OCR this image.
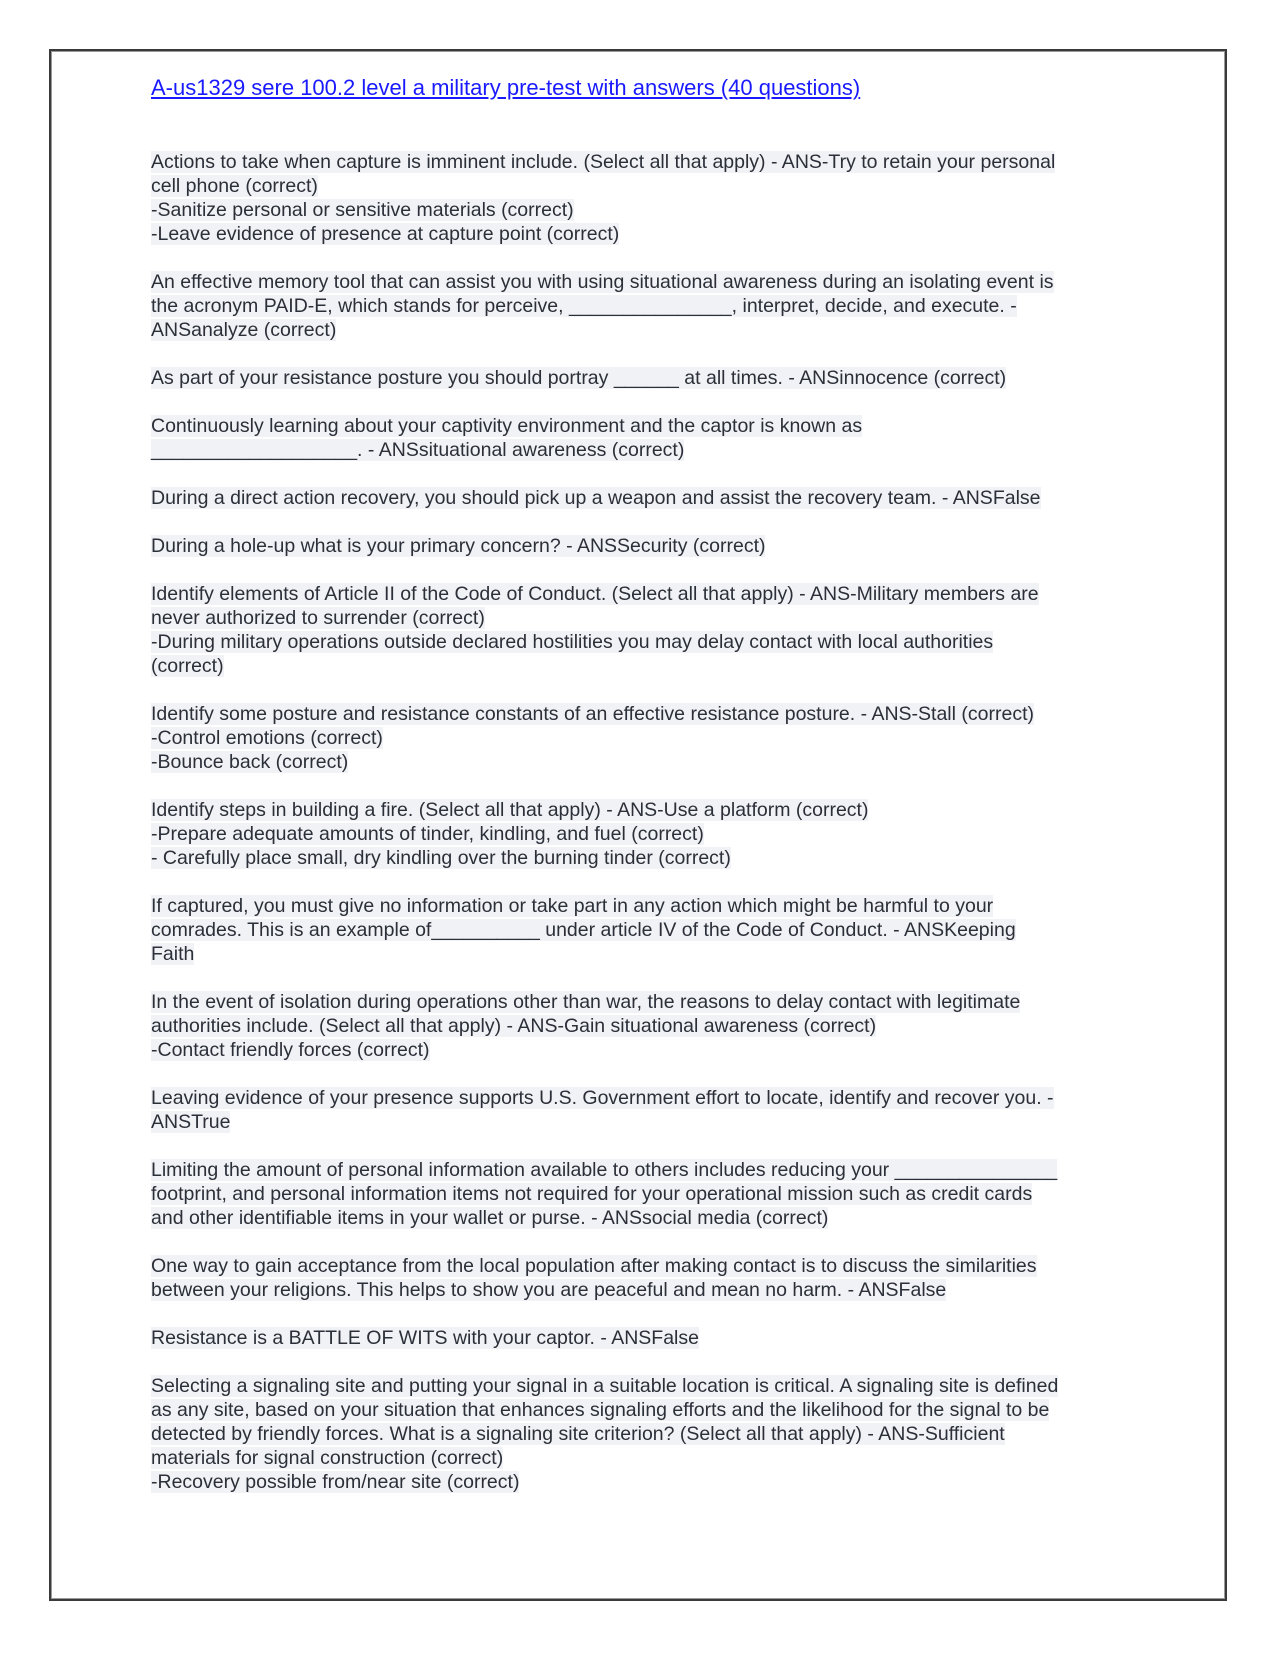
A-us1329 sere 100.2 level a military pre-test with answers (40 questions)
Actions to take when capture is imminent include. (Select all that apply) - ANS-Try to retain your personal
cell phone (correct)
-Sanitize personal or sensitive materials (correct)
-Leave evidence of presence at capture point (correct)
An effective memory tool that can assist you with using situational awareness during an isolating event is
the acronym PAID-E, which stands for perceive, _______________, interpret, decide, and execute. -
ANSanalyze (correct)
As part of your resistance posture you should portray ______ at all times. - ANSinnocence (correct)
Continuously learning about your captivity environment and the captor is known as
___________________. - ANSsituational awareness (correct)
During a direct action recovery, you should pick up a weapon and assist the recovery team. - ANSFalse
During a hole-up what is your primary concern? - ANSSecurity (correct)
Identify elements of Article II of the Code of Conduct. (Select all that apply) - ANS-Military members are
never authorized to surrender (correct)
-During military operations outside declared hostilities you may delay contact with local authorities
(correct)
Identify some posture and resistance constants of an effective resistance posture. - ANS-Stall (correct)
-Control emotions (correct)
-Bounce back (correct)
Identify steps in building a fire. (Select all that apply) - ANS-Use a platform (correct)
-Prepare adequate amounts of tinder, kindling, and fuel (correct)
- Carefully place small, dry kindling over the burning tinder (correct)
If captured, you must give no information or take part in any action which might be harmful to your
comrades. This is an example of__________ under article IV of the Code of Conduct. - ANSKeeping
Faith
In the event of isolation during operations other than war, the reasons to delay contact with legitimate
authorities include. (Select all that apply) - ANS-Gain situational awareness (correct)
-Contact friendly forces (correct)
Leaving evidence of your presence supports U.S. Government effort to locate, identify and recover you. -
ANSTrue
Limiting the amount of personal information available to others includes reducing your _______________
footprint, and personal information items not required for your operational mission such as credit cards
and other identifiable items in your wallet or purse. - ANSsocial media (correct)
One way to gain acceptance from the local population after making contact is to discuss the similarities
between your religions. This helps to show you are peaceful and mean no harm. - ANSFalse
Resistance is a BATTLE OF WITS with your captor. - ANSFalse
Selecting a signaling site and putting your signal in a suitable location is critical. A signaling site is defined
as any site, based on your situation that enhances signaling efforts and the likelihood for the signal to be
detected by friendly forces. What is a signaling site criterion? (Select all that apply) - ANS-Sufficient
materials for signal construction (correct)
-Recovery possible from/near site (correct)
